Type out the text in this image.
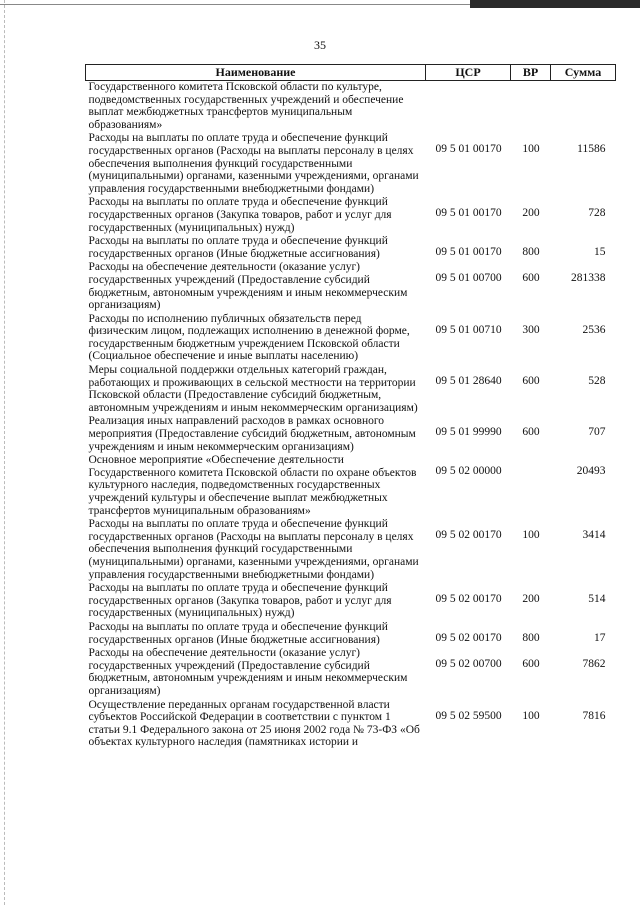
35
Наименование	ЦСР	ВР	Сумма
Государственного комитета Псковской области по культуре, подведомственных государственных учреждений и обеспечение выплат межбюджетных трансфертов муниципальным образованиям»			
Расходы на выплаты по оплате труда и обеспечение функций государственных органов (Расходы на выплаты персоналу в целях обеспечения выполнения функций государственными (муниципальными) органами, казенными учреждениями, органами управления государственными внебюджетными фондами)	09 5 01 00170	100	11586
Расходы на выплаты по оплате труда и обеспечение функций государственных органов (Закупка товаров, работ и услуг для государственных (муниципальных) нужд)	09 5 01 00170	200	728
Расходы на выплаты по оплате труда и обеспечение функций государственных органов (Иные бюджетные ассигнования)	09 5 01 00170	800	15
Расходы на обеспечение деятельности (оказание услуг) государственных учреждений (Предоставление субсидий бюджетным, автономным учреждениям и иным некоммерческим организациям)	09 5 01 00700	600	281338
Расходы по исполнению публичных обязательств перед физическим лицом, подлежащих исполнению в денежной форме, государственным бюджетным учреждением Псковской области (Социальное обеспечение и иные выплаты населению)	09 5 01 00710	300	2536
Меры социальной поддержки отдельных категорий граждан, работающих и проживающих в сельской местности на территории Псковской области (Предоставление субсидий бюджетным, автономным учреждениям и иным некоммерческим организациям)	09 5 01 28640	600	528
Реализация иных направлений расходов в рамках основного мероприятия (Предоставление субсидий бюджетным, автономным учреждениям и иным некоммерческим организациям)	09 5 01 99990	600	707
Основное мероприятие «Обеспечение деятельности Государственного комитета Псковской области по охране объектов культурного наследия, подведомственных государственных учреждений культуры и обеспечение выплат межбюджетных трансфертов муниципальным образованиям»	09 5 02 00000		20493
Расходы на выплаты по оплате труда и обеспечение функций государственных органов (Расходы на выплаты персоналу в целях обеспечения выполнения функций государственными (муниципальными) органами, казенными учреждениями, органами управления государственными внебюджетными фондами)	09 5 02 00170	100	3414
Расходы на выплаты по оплате труда и обеспечение функций государственных органов (Закупка товаров, работ и услуг для государственных (муниципальных) нужд)	09 5 02 00170	200	514
Расходы на выплаты по оплате труда и обеспечение функций государственных органов (Иные бюджетные ассигнования)	09 5 02 00170	800	17
Расходы на обеспечение деятельности (оказание услуг) государственных учреждений (Предоставление субсидий бюджетным, автономным учреждениям и иным некоммерческим организациям)	09 5 02 00700	600	7862
Осуществление переданных органам государственной власти субъектов Российской Федерации в соответствии с пунктом 1 статьи 9.1 Федерального закона от 25 июня 2002 года № 73-ФЗ «Об объектах культурного наследия (памятниках истории и	09 5 02 59500	100	7816
